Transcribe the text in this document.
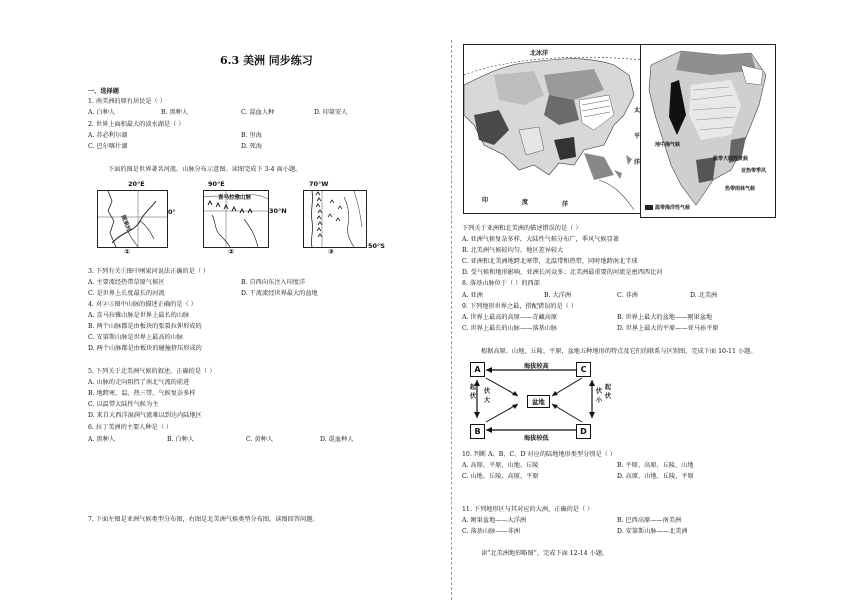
6.3 美洲 同步练习
一、选择题
1. 南美洲的原有居民是（ ）
A. 白种人	B. 黑种人	C. 混血人种	D. 印第安人
2. 世界上面积最大的淡水湖是（ ）
A. 苏必利尔湖	B. 里海
C. 巴尔喀什湖	D. 死海
下面的图是世界著名河流、山脉分布示意图。读图完成下 3-4 面小题。
20°E
刚果河
0°
①
90°E
喜马拉雅山脉
30°N
②
70°W
50°S
③
3. 下列有关①图中闸果河说法正确的是（ ）
A. 主要流经热带草原气候区	B. 自西向东注入印度洋
C. 是世界上长度最长的河流	D. 干流流经世界最大的盆地
4. 对②③图中山脉的描述正确的是（ ）
A. 喜马拉雅山脉是世界上最长的山脉
B. 两个山脉都是由板块的张裂拉伸形成的
C. 安第斯山脉是世界上最高的山脉
D. 两个山脉都是由板块的碰撞挤压形成的
5. 下列关于北美洲气候的叙述，正确的是（ ）
A. 山脉的走向阻挡了南北气流的前进
B. 地跨寒、温、热三带，气候复杂多样
C. 以温带大陆性气候为主
D. 来自大西洋湿润气流难以到达内陆地区
6. 拉丁美洲的主要人种是（ ）
A. 黑种人	B. 白种人	C. 黄种人	D. 混血种人
7. 下面左图是亚洲气候类型分布图，右图是北美洲气候类型分布图。读图回答问题。
北冰洋
太
平
洋
印	度	洋
地中海气候
温带大陆性气候
亚热带季风
热带雨林气候
温带海洋性气候
下列关于亚洲和北美洲的描述错误的是（ ）
A. 亚洲气候复杂多样，大陆性气候分布广，季风气候显著
B. 北美洲气候较均匀，地区差异较大
C. 亚洲和北美洲地跨北寒带，北温带和热带，同时地跨南北半球
D. 受气候和地形影响，亚洲长河众多；北美洲最重要的河流是密西西比河
8. 落基山脉位于（ ）的西部
A. 亚洲	B. 大洋洲	C. 非洲	D. 北美洲
9. 下列地形世界之最，搭配错误的是（ ）
A. 世界上最高的高原——青藏高原	B. 世界上最大的盆地——刚果盆地
C. 世界上最长的山脉——落基山脉	D. 世界上最大的平原——亚马孙平原
根据高原、山地、丘陵、平原，盆地五种地形的特点及它们的联系与区别图，完成下面 10-11 小题。
A	C
B	D
海拔较高
海拔较低
盆地
起
伏
伏
大
起
伏
伏
小
10. 判断 A、B、C、D 对应的陆地地形类型分别是（ ）
A. 高原、平原、山地、丘陵	B. 平原、高原、丘陵、山地
C. 山地、丘陵、高原、平原	D. 高原、山地、丘陵、平原
11. 下列地形区与其对应的大洲，正确的是（ ）
A. 刚果盆地——大洋洲	B. 巴西高原——南美洲
C. 落基山脉——非洲	D. 安第斯山脉——北美洲
读“北美洲地形略图”，完成下面 12-14 小题。
